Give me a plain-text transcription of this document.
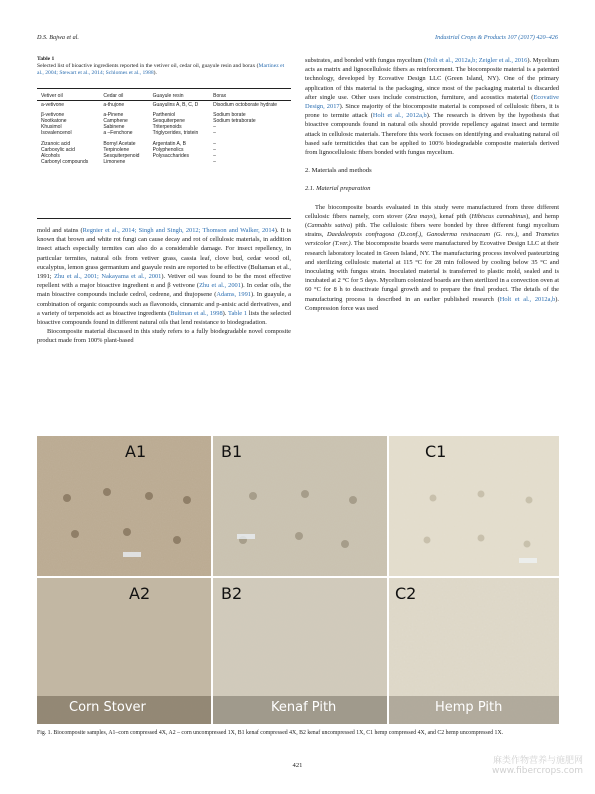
D.S. Bajwa et al.	Industrial Crops & Products 107 (2017) 420–426
Table 1
Selected list of bioactive ingredients reported in the vetiver oil, cedar oil, guayule resin and borax (Martinez et al., 2004; Stewart et al., 2014; Schlomes et al., 1988).
Vetiver oil	Cedar oil	Guayule resin	Borax
a-vetivone	a-thujone	Guayulins A, B, C, D	Disodium octoborate hydrate
β-vetivone	a-Pinene	Partheniol	Sodium borate
Nootkatone	Camphene	Sesquiterpene	Sodium tetraborate
Khusimol	Sabinene	Triterpenoids	–
Isovalencenol	a –Fenchone	Triglycerides, tristein	–
Zizanoic acid	Bornyl Acetate	Argentatin A, B	–
Carboxylic acid	Terpinolene	Polyphenolics	–
Alcohols	Sesquiterpenoid	Polysaccharides	–
Carbonyl compounds	Limonene		–

mold and stains (Regnier et al., 2014; Singh and Singh, 2012; Thomson and Walker, 2014). It is known that brown and white rot fungi can cause decay and rot of cellulosic materials, in addition insect attach especially termites can also do a considerable damage. For insect repellency, in particular termites, natural oils from vetiver grass, cassia leaf, clove bud, cedar wood oil, eucalyptus, lemon grass germanium and guayule resin are reported to be effective (Bultaman et al., 1991; Zhu et al., 2001; Nakayama et al., 2001). Vetiver oil was found to be the most effective repellent with a major bioactive ingredient α and β vetivone (Zhu et al., 2001). In cedar oils, the main bioactive compounds include cedrol, cedrene, and thujopsene (Adams, 1991). In guayule, a combination of organic compounds such as flavonoids, cinnamic and p-anisic acid derivatives, and a variety of terpenoids act as bioactive ingredients (Bultman et al., 1998). Table 1 lists the selected bioactive compounds found in different natural oils that lend resistance to biodegradation.

Biocomposite material discussed in this study refers to a fully biodegradable novel composite product made from 100% plant-based

substrates, and bonded with fungus mycelium (Holt et al., 2012a,b; Zeigler et al., 2016). Mycelium acts as matrix and lignocellulosic fibers as reinforcement. The biocomposite material is a patented technology, developed by Ecovative Design LLC (Green Island, NY). One of the primary application of this material is the packaging, since most of the packaging material is discarded after single use. Other uses include construction, furniture, and acoustics material (Ecovative Design, 2017). Since majority of the biocomposite material is composed of cellulosic fibers, it is prone to termite attack (Holt et al., 2012a,b). The research is driven by the hypothesis that bioactive compounds found in natural oils should provide repellency against insect and termite attack in cellulosic materials. Therefore this work focuses on identifying and evaluating natural oil based safe termiticides that can be applied to 100% biodegradable composite materials derived from lignocellulosic fibers bonded with fungus mycelium.

2. Materials and methods

2.1. Material preparation

The biocomposite boards evaluated in this study were manufactured from three different cellulosic fibers namely, corn stover (Zea mays), kenaf pith (Hibiscus cannabinus), and hemp (Cannabis sativa) pith. The cellulosic fibers were bonded by three different fungi mycelium strains, Daedaleopsis confragosa (D.conf.), Ganoderma resinaceum (G. res.), and Trametes versicolor (T.ver.). The biocomposite boards were manufactured by Ecovative Design LLC at their research laboratory located in Green Island, NY. The manufacturing process involved pasteurizing and sterilizing cellulosic material at 115 °C for 28 min followed by cooling below 35 °C and inoculating with fungus strain. Inoculated material is transferred to plastic mold, sealed and is incubated at 2 °C for 5 days. Mycelium colonized boards are then sterilized in a convection oven at 60 °C for 8 h to deactivate fungal growth and to prepare the final product. The details of the manufacturing process is described in an earlier published research (Holt et al., 2012a,b). Compression force was used

A1	B1	C1
A2
Corn Stover
B2
Kenaf Pith
C2
Hemp Pith
Fig. 1. Biocomposite samples, A1–corn compressed 4X, A2 – corn uncompressed 1X, B1 kenaf compressed 4X, B2 kenaf uncompressed 1X, C1 hemp compressed 4X, and C2 hemp uncompressed 1X.
421	麻类作物营养与施肥网
www.fibercrops.com
